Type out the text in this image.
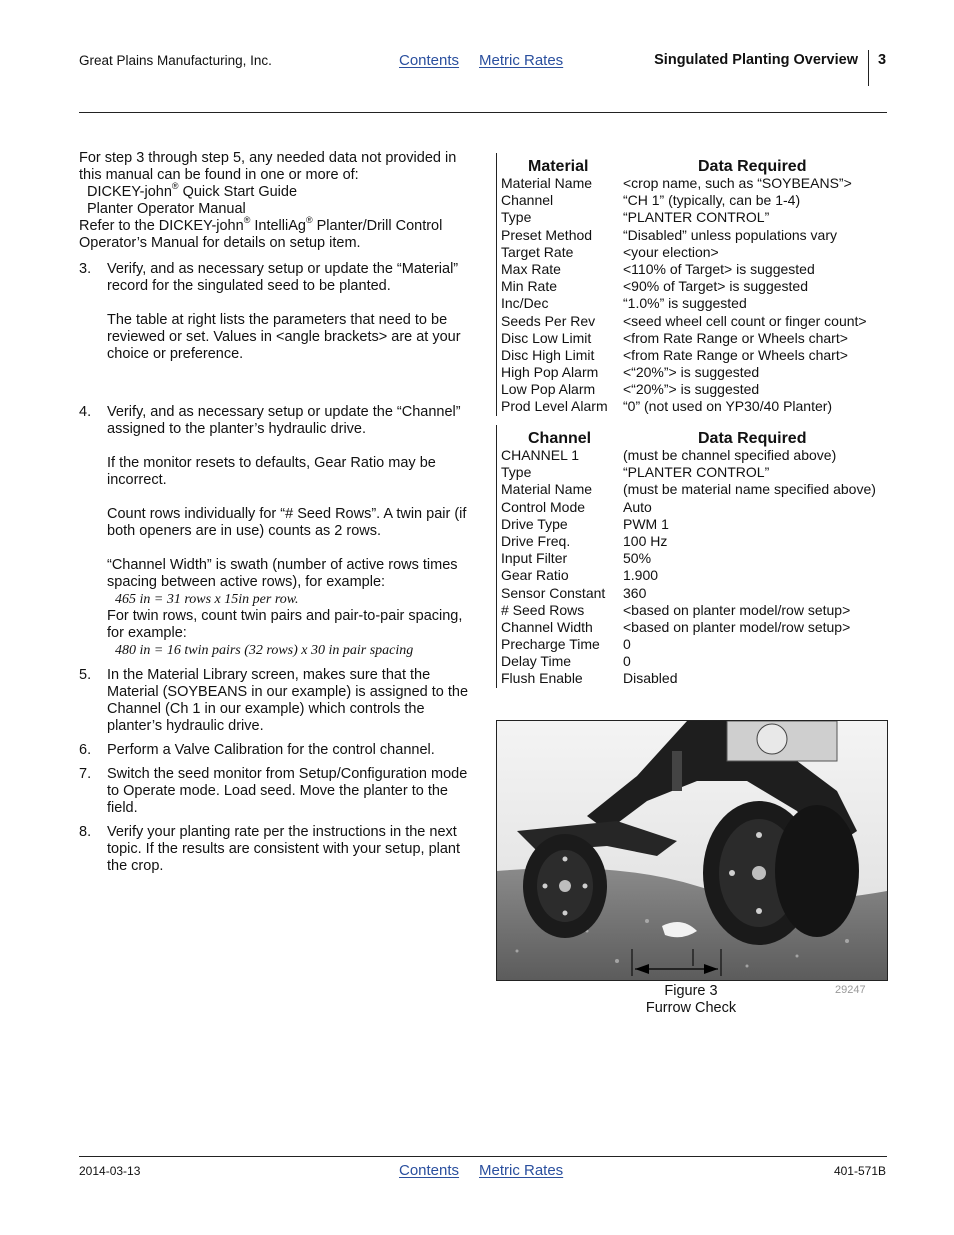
Great Plains Manufacturing, Inc.	Contents Metric Rates	Singulated Planting Overview 3

For step 3 through step 5, any needed data not provided in this manual can be found in one or more of:

DICKEY-john® Quick Start Guide

Planter Operator Manual

Refer to the DICKEY-john® IntelliAg® Planter/Drill Control Operator’s Manual for details on setup item.

3. Verify, and as necessary setup or update the “Material” record for the singulated seed to be planted.
The table at right lists the parameters that need to be reviewed or set. Values in <angle brackets> are at your choice or preference.
4. Verify, and as necessary setup or update the “Channel” assigned to the planter’s hydraulic drive.
If the monitor resets to defaults, Gear Ratio may be incorrect.
Count rows individually for “# Seed Rows”. A twin pair (if both openers are in use) counts as 2 rows.
“Channel Width” is swath (number of active rows times spacing between active rows), for example:
465 in = 31 rows x 15in per row.
For twin rows, count twin pairs and pair-to-pair spacing, for example:
480 in = 16 twin pairs (32 rows) x 30 in pair spacing
5. In the Material Library screen, makes sure that the Material (SOYBEANS in our example) is assigned to the Channel (Ch 1 in our example) which controls the planter’s hydraulic drive.
6. Perform a Valve Calibration for the control channel.
7. Switch the seed monitor from Setup/Configuration mode to Operate mode. Load seed. Move the planter to the field.
8. Verify your planting rate per the instructions in the next topic. If the results are consistent with your setup, plant the crop.
Material	Data Required
Material Name <crop name, such as “SOYBEANS”>
Channel	“CH 1” (typically, can be 1-4)
Type	“PLANTER CONTROL”
Preset Method “Disabled” unless populations vary
Target Rate	<your election>
Max Rate	<110% of Target> is suggested
Min Rate	<90% of Target> is suggested
Inc/Dec	“1.0%” is suggested
Seeds Per Rev <seed wheel cell count or finger count>
Disc Low Limit <from Rate Range or Wheels chart>
Disc High Limit <from Rate Range or Wheels chart>
High Pop Alarm <“20%”> is suggested
Low Pop Alarm <“20%”> is suggested
Prod Level Alarm “0” (not used on YP30/40 Planter)
Channel	Data Required
CHANNEL 1	(must be channel specified above)
Type	“PLANTER CONTROL”
Material Name (must be material name specified above)
Control Mode	Auto
Drive Type	PWM 1
Drive Freq.	100 Hz
Input Filter	50%
Gear Ratio	1.900
Sensor Constant 360
# Seed Rows	<based on planter model/row setup>
Channel Width <based on planter model/row setup>
Precharge Time 0
Delay Time	0
Flush Enable	Disabled
Figure 3
Furrow Check
29247
2014-03-13	Contents Metric Rates	401-571B
